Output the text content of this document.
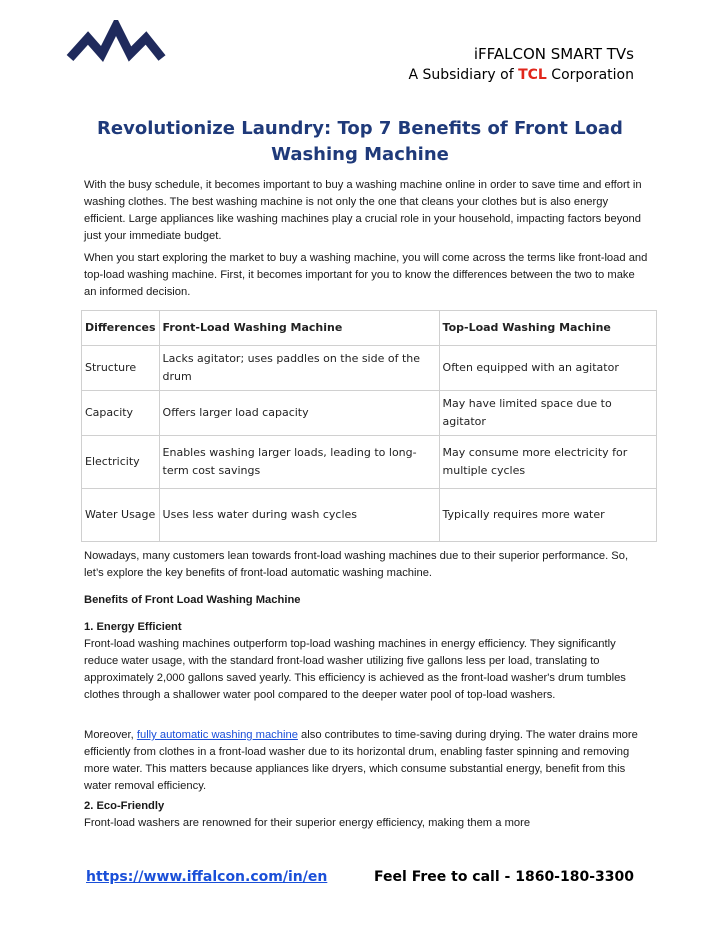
iFFALCON SMART TVs
A Subsidiary of TCL Corporation
Revolutionize Laundry: Top 7 Benefits of Front Load Washing Machine

With the busy schedule, it becomes important to buy a washing machine online in order to save time and effort in washing clothes. The best washing machine is not only the one that cleans your clothes but is also energy efficient. Large appliances like washing machines play a crucial role in your household, impacting factors beyond just your immediate budget.

When you start exploring the market to buy a washing machine, you will come across the terms like front-load and top-load washing machine. First, it becomes important for you to know the differences between the two to make an informed decision.

Differences	Front-Load Washing Machine	Top-Load Washing Machine
Structure	Lacks agitator; uses paddles on the side of the drum	Often equipped with an agitator
Capacity	Offers larger load capacity	May have limited space due to agitator
Electricity	Enables washing larger loads, leading to long-term cost savings	May consume more electricity for multiple cycles
Water Usage	Uses less water during wash cycles	Typically requires more water

Nowadays, many customers lean towards front-load washing machines due to their superior performance. So, let’s explore the key benefits of front-load automatic washing machine.

Benefits of Front Load Washing Machine
1. Energy Efficient

Front-load washing machines outperform top-load washing machines in energy efficiency. They significantly reduce water usage, with the standard front-load washer utilizing five gallons less per load, translating to approximately 2,000 gallons saved yearly. This efficiency is achieved as the front-load washer's drum tumbles clothes through a shallower water pool compared to the deeper water pool of top-load washers.

Moreover, fully automatic washing machine also contributes to time-saving during drying. The water drains more efficiently from clothes in a front-load washer due to its horizontal drum, enabling faster spinning and removing more water. This matters because appliances like dryers, which consume substantial energy, benefit from this water removal efficiency.

2. Eco-Friendly

Front-load washers are renowned for their superior energy efficiency, making them a more

https://www.iffalcon.com/in/en	Feel Free to call - 1860-180-3300
